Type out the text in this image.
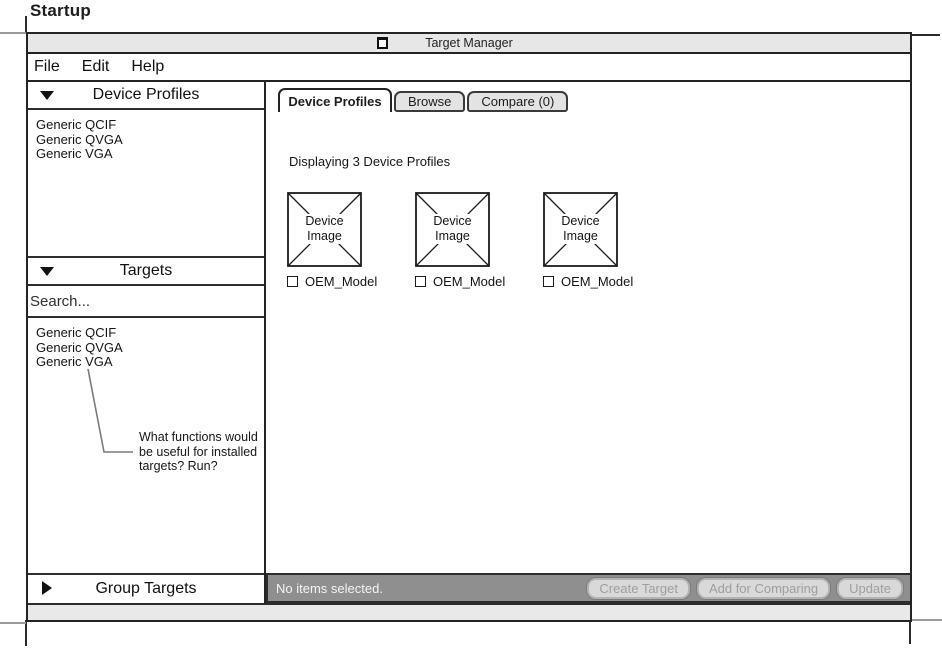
Startup
Target Manager
File Edit Help
Device Profiles
Generic QCIF
Generic QVGA
Generic VGA
Targets
Search...
Generic QCIF
Generic QVGA
Generic VGA
Group Targets
Device Profiles	Browse	Compare (0)
Displaying 3 Device Profiles
Device
Image
OEM_Model
Device
Image
OEM_Model
Device
Image
OEM_Model
No items selected.	Create Target	Add for Comparing	Update
What functions would be useful for installed targets? Run?
